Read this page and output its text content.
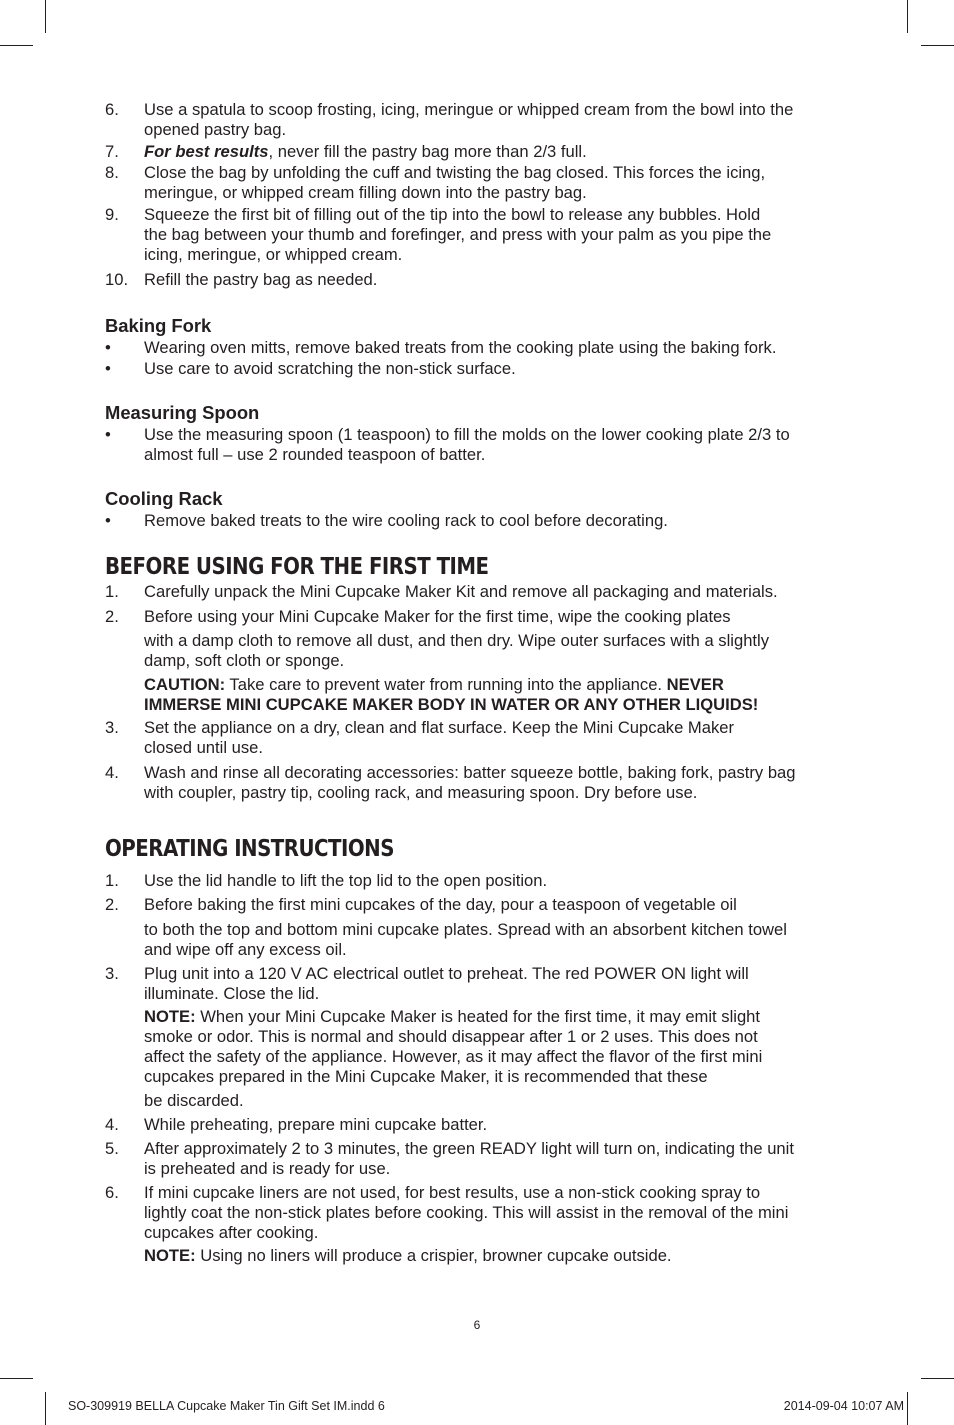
6. Use a spatula to scoop frosting, icing, meringue or whipped cream from the bowl into the
opened pastry bag.
7. For best results, never fill the pastry bag more than 2/3 full.
8. Close the bag by unfolding the cuff and twisting the bag closed. This forces the icing,
meringue, or whipped cream filling down into the pastry bag.
9. Squeeze the first bit of filling out of the tip into the bowl to release any bubbles. Hold
the bag between your thumb and forefinger, and press with your palm as you pipe the
icing, meringue, or whipped cream.
10. Refill the pastry bag as needed.
Baking Fork
• Wearing oven mitts, remove baked treats from the cooking plate using the baking fork.
• Use care to avoid scratching the non-stick surface.
Measuring Spoon
• Use the measuring spoon (1 teaspoon) to fill the molds on the lower cooking plate 2/3 to
almost full – use 2 rounded teaspoon of batter.
Cooling Rack
• Remove baked treats to the wire cooling rack to cool before decorating.
BEFORE USING FOR THE FIRST TIME
1. Carefully unpack the Mini Cupcake Maker Kit and remove all packaging and materials.
2. Before using your Mini Cupcake Maker for the first time, wipe the cooking plates
with a damp cloth to remove all dust, and then dry. Wipe outer surfaces with a slightly
damp, soft cloth or sponge.
CAUTION: Take care to prevent water from running into the appliance. NEVER
IMMERSE MINI CUPCAKE MAKER BODY IN WATER OR ANY OTHER LIQUIDS!
3. Set the appliance on a dry, clean and flat surface. Keep the Mini Cupcake Maker
closed until use.
4. Wash and rinse all decorating accessories: batter squeeze bottle, baking fork, pastry bag
with coupler, pastry tip, cooling rack, and measuring spoon. Dry before use.
OPERATING INSTRUCTIONS
1. Use the lid handle to lift the top lid to the open position.
2. Before baking the first mini cupcakes of the day, pour a teaspoon of vegetable oil
to both the top and bottom mini cupcake plates. Spread with an absorbent kitchen towel
and wipe off any excess oil.
3. Plug unit into a 120 V AC electrical outlet to preheat. The red POWER ON light will
illuminate. Close the lid.
NOTE: When your Mini Cupcake Maker is heated for the first time, it may emit slight
smoke or odor. This is normal and should disappear after 1 or 2 uses. This does not
affect the safety of the appliance. However, as it may affect the flavor of the first mini
cupcakes prepared in the Mini Cupcake Maker, it is recommended that these
be discarded.
4. While preheating, prepare mini cupcake batter.
5. After approximately 2 to 3 minutes, the green READY light will turn on, indicating the unit
is preheated and is ready for use.
6. If mini cupcake liners are not used, for best results, use a non-stick cooking spray to
lightly coat the non-stick plates before cooking. This will assist in the removal of the mini
cupcakes after cooking.
NOTE: Using no liners will produce a crispier, browner cupcake outside.
6
SO-309919 BELLA Cupcake Maker Tin Gift Set IM.indd 6	2014-09-04 10:07 AM
